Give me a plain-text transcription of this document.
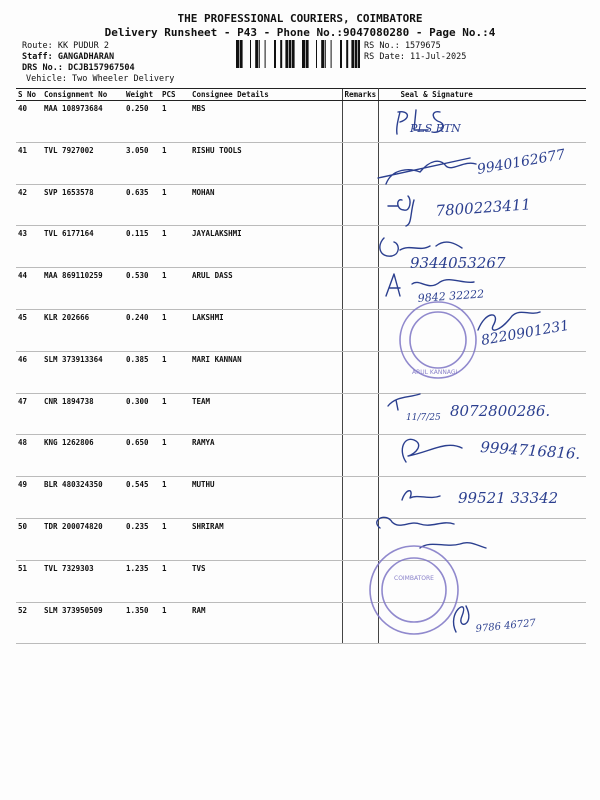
THE PROFESSIONAL COURIERS, COIMBATORE
Delivery Runsheet - P43 - Phone No.:9047080280 - Page No.:4
Route: KK PUDUR 2
Staff: GANGADHARAN
DRS No.: DCJB157967504
Vehicle: Two Wheeler Delivery
RS No.: 1579675
RS Date: 11-Jul-2025
S No	Consignment No	Weight	PCS	Consignee Details	Remarks	Seal & Signature
40	MAA 108973684	0.250	1	MBS		
41	TVL 7927002	3.050	1	RISHU TOOLS		
42	SVP 1653578	0.635	1	MOHAN		
43	TVL 6177164	0.115	1	JAYALAKSHMI		
44	MAA 869110259	0.530	1	ARUL DASS		
45	KLR 202666	0.240	1	LAKSHMI		
46	SLM 373913364	0.385	1	MARI KANNAN		
47	CNR 1894738	0.300	1	TEAM		
48	KNG 1262806	0.650	1	RAMYA		
49	BLR 480324350	0.545	1	MUTHU		
50	TDR 200074820	0.235	1	SHRIRAM		
51	TVL 7329303	1.235	1	TVS		
52	SLM 373950509	1.350	1	RAM		
PLS RTN
9940162677
7800223411
9344053267
9842 32222
ARUL KANNAGI
8220901231
11/7/25 8072800286.
9994716816.
99521 33342
COIMBATORE
9786 46727
